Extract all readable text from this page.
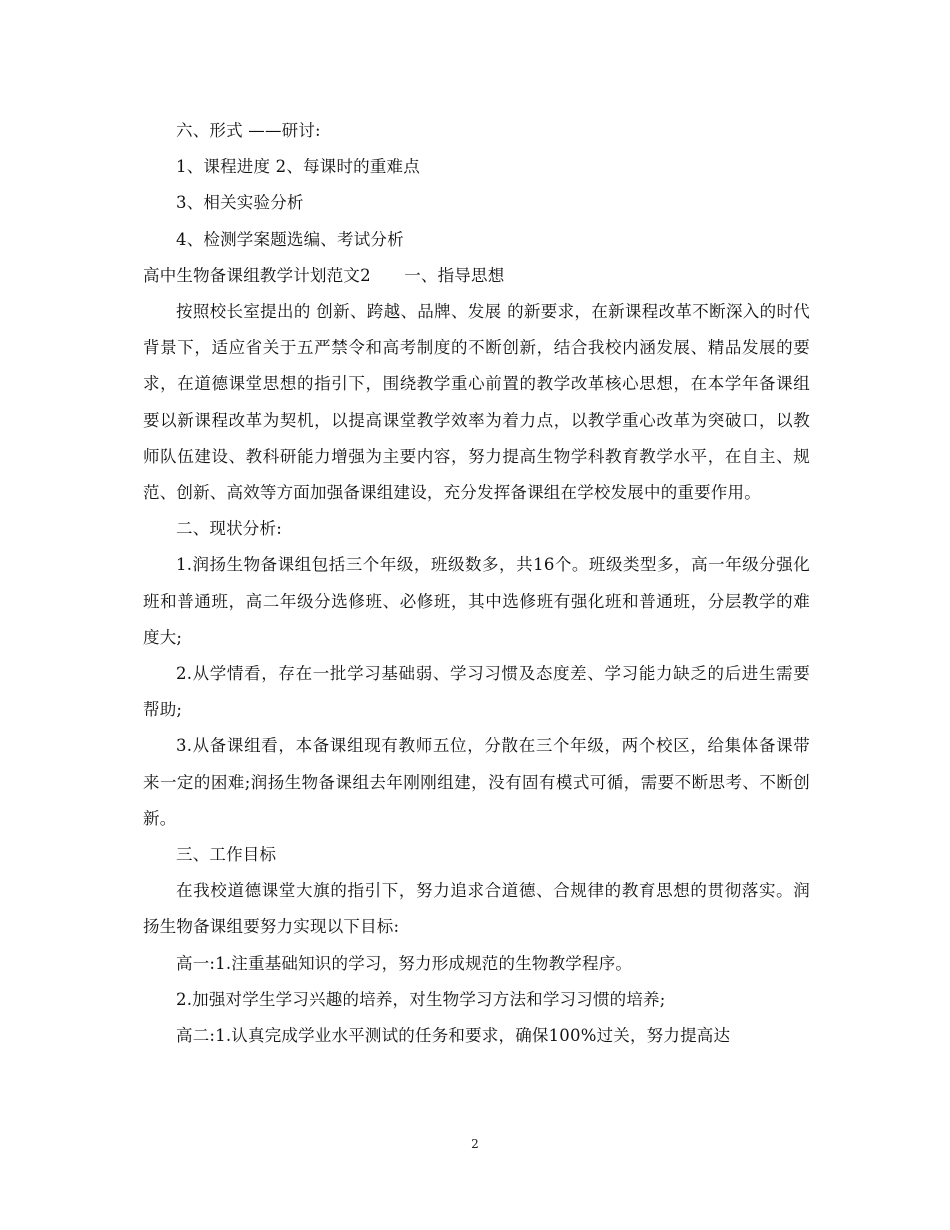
六、形式 ——研讨:

1、课程进度 2、每课时的重难点

3、相关实验分析

4、检测学案题选编、考试分析

高中生物备课组教学计划范文2　　一、指导思想

按照校长室提出的 创新、跨越、品牌、发展 的新要求，在新课程改革不断深入的时代背景下，适应省关于五严禁令和高考制度的不断创新，结合我校内涵发展、精品发展的要求，在道德课堂思想的指引下，围绕教学重心前置的教学改革核心思想，在本学年备课组要以新课程改革为契机，以提高课堂教学效率为着力点，以教学重心改革为突破口，以教师队伍建设、教科研能力增强为主要内容，努力提高生物学科教育教学水平，在自主、规范、创新、高效等方面加强备课组建设，充分发挥备课组在学校发展中的重要作用。

二、现状分析:

1.润扬生物备课组包括三个年级，班级数多，共16个。班级类型多，高一年级分强化班和普通班，高二年级分选修班、必修班，其中选修班有强化班和普通班，分层教学的难度大;

2.从学情看，存在一批学习基础弱、学习习惯及态度差、学习能力缺乏的后进生需要帮助;

3.从备课组看，本备课组现有教师五位，分散在三个年级，两个校区，给集体备课带来一定的困难;润扬生物备课组去年刚刚组建，没有固有模式可循，需要不断思考、不断创新。

三、工作目标

在我校道德课堂大旗的指引下，努力追求合道德、合规律的教育思想的贯彻落实。润扬生物备课组要努力实现以下目标:

高一:1.注重基础知识的学习，努力形成规范的生物教学程序。

2.加强对学生学习兴趣的培养，对生物学习方法和学习习惯的培养;

高二:1.认真完成学业水平测试的任务和要求，确保100%过关，努力提高达

2
